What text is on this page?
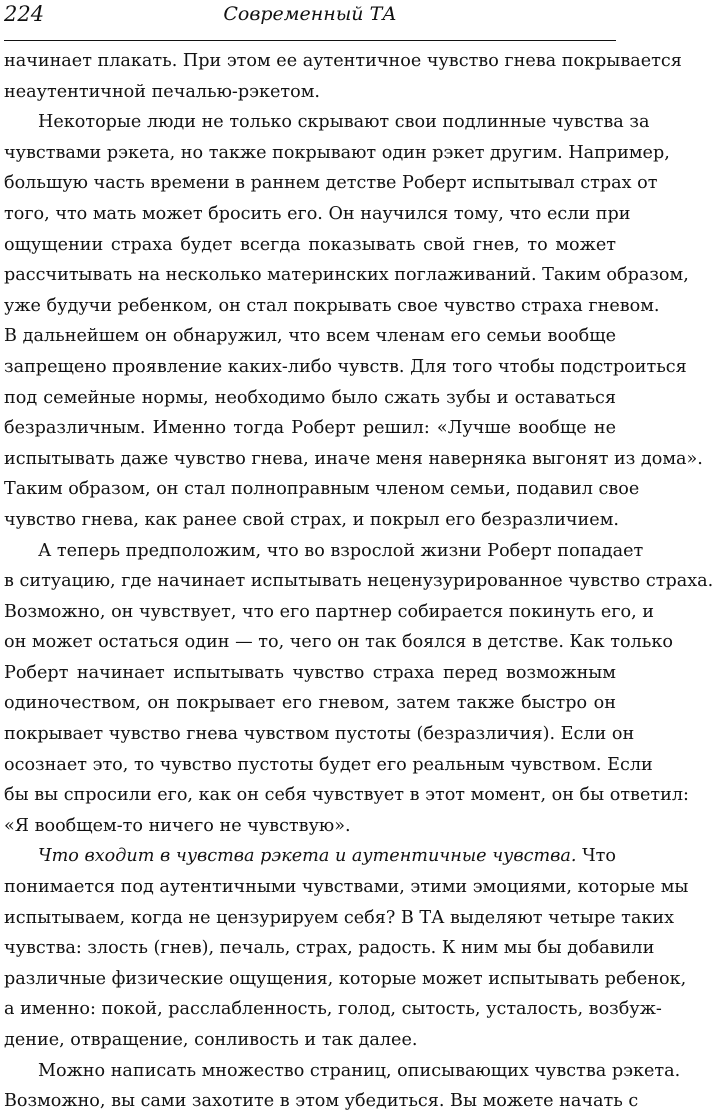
224	Современный ТА
начинает плакать. При этом ее аутентичное чувство гнева покрывается
неаутентичной печалью-рэкетом.
Некоторые люди не только скрывают свои подлинные чувства за
чувствами рэкета, но также покрывают один рэкет другим. Например,
большую часть времени в раннем детстве Роберт испытывал страх от
того, что мать может бросить его. Он научился тому, что если при
ощущении страха будет всегда показывать свой гнев, то может
рассчитывать на несколько материнских поглаживаний. Таким образом,
уже будучи ребенком, он стал покрывать свое чувство страха гневом.
В дальнейшем он обнаружил, что всем членам его семьи вообще
запрещено проявление каких-либо чувств. Для того чтобы подстроиться
под семейные нормы, необходимо было сжать зубы и оставаться
безразличным. Именно тогда Роберт решил: «Лучше вообще не
испытывать даже чувство гнева, иначе меня наверняка выгонят из дома».
Таким образом, он стал полноправным членом семьи, подавил свое
чувство гнева, как ранее свой страх, и покрыл его безразличием.
А теперь предположим, что во взрослой жизни Роберт попадает
в ситуацию, где начинает испытывать неценузурированное чувство страха.
Возможно, он чувствует, что его партнер собирается покинуть его, и
он может остаться один — то, чего он так боялся в детстве. Как только
Роберт начинает испытывать чувство страха перед возможным
одиночеством, он покрывает его гневом, затем также быстро он
покрывает чувство гнева чувством пустоты (безразличия). Если он
осознает это, то чувство пустоты будет его реальным чувством. Если
бы вы спросили его, как он себя чувствует в этот момент, он бы ответил:
«Я вообщем-то ничего не чувствую».
Что входит в чувства рэкета и аутентичные чувства. Что
понимается под аутентичными чувствами, этими эмоциями, которые мы
испытываем, когда не цензурируем себя? В ТА выделяют четыре таких
чувства: злость (гнев), печаль, страх, радость. К ним мы бы добавили
различные физические ощущения, которые может испытывать ребенок,
а именно: покой, расслабленность, голод, сытость, усталость, возбуж-
дение, отвращение, сонливость и так далее.
Можно написать множество страниц, описывающих чувства рэкета.
Возможно, вы сами захотите в этом убедиться. Вы можете начать с
